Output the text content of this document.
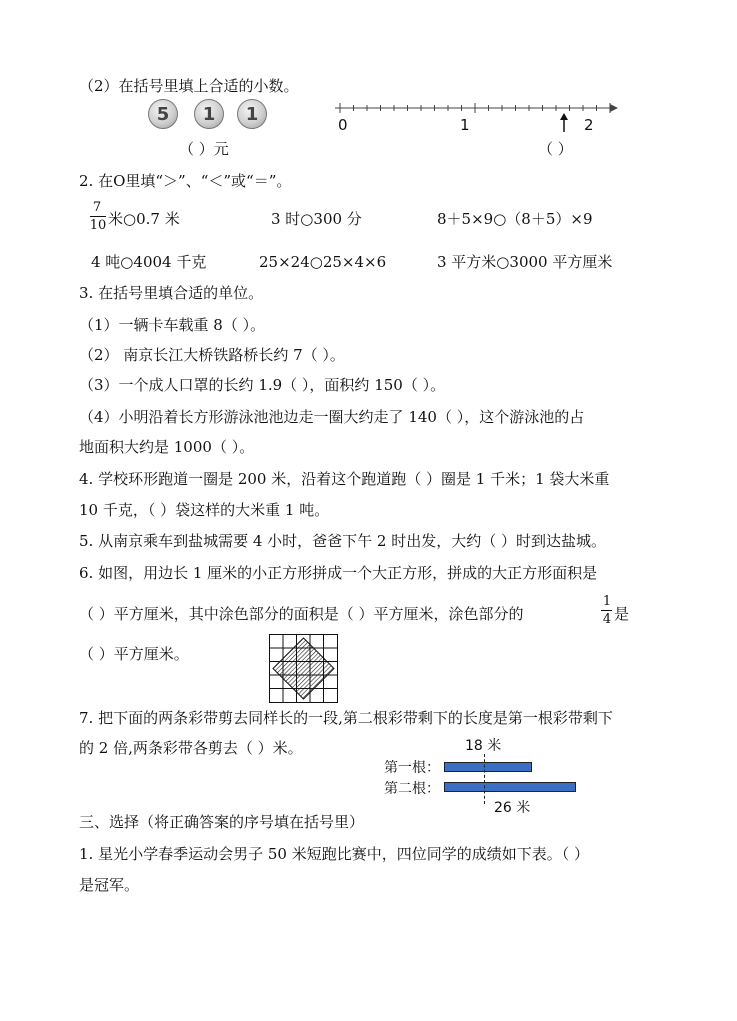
（2）在括号里填上合适的小数。
5	1	1
（ ）元
0	1	2
（ ）
2. 在O里填“＞”、“＜”或“＝”。
7
10 米○0.7 米	3 时○300 分	8＋5×9○（8＋5）×9
4 吨○4004 千克	25×24○25×4×6	3 平方米○3000 平方厘米
3. 在括号里填合适的单位。
（1）一辆卡车载重 8（ ）。
（2） 南京长江大桥铁路桥长约 7（ ）。
（3）一个成人口罩的长约 1.9（ ），面积约 150（ ）。
（4）小明沿着长方形游泳池池边走一圈大约走了 140（ ），这个游泳池的占
地面积大约是 1000（ ）。
4. 学校环形跑道一圈是 200 米，沿着这个跑道跑（ ）圈是 1 千米；1 袋大米重
10 千克，（ ）袋这样的大米重 1 吨。
5. 从南京乘车到盐城需要 4 小时，爸爸下午 2 时出发，大约（ ）时到达盐城。
6. 如图，用边长 1 厘米的小正方形拼成一个大正方形，拼成的大正方形面积是
（ ）平方厘米，其中涂色部分的面积是（ ）平方厘米，涂色部分的
1
4 是
（ ）平方厘米。
7. 把下面的两条彩带剪去同样长的一段,第二根彩带剩下的长度是第一根彩带剩下
的 2 倍,两条彩带各剪去（ ）米。	18 米
第一根：
第二根：
26 米
三、选择（将正确答案的序号填在括号里）
1. 星光小学春季运动会男子 50 米短跑比赛中，四位同学的成绩如下表。（ ）
是冠军。
